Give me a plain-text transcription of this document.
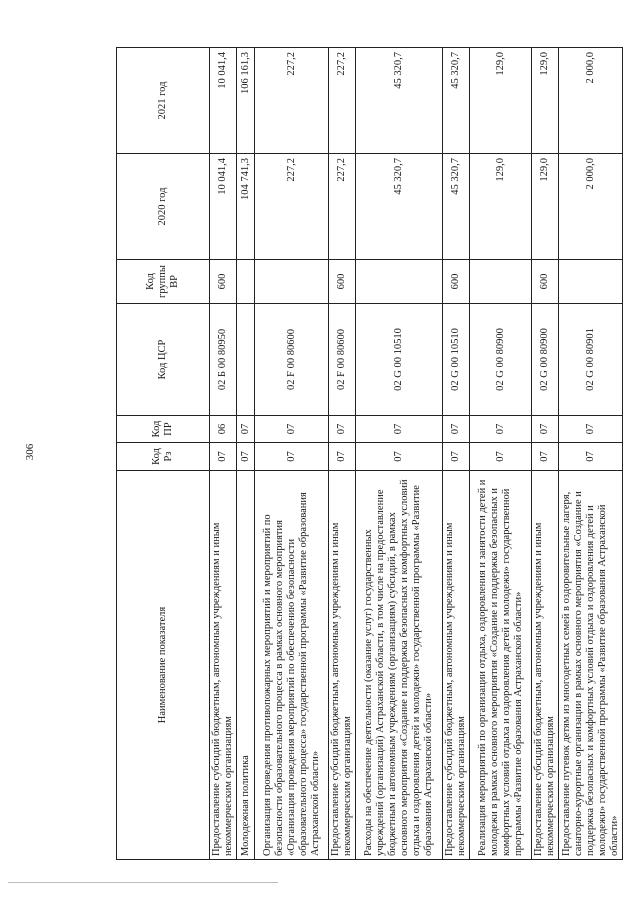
306
Наименование показателя	Код Рз	Код ПР	Код ЦСР	Код группы ВР	2020 год	2021 год
Предоставление субсидий бюджетным, автономным учреждениям и иным некоммерческим организациям	07	06	02 Б 00 80950	600	10 041,4	10 041,4
Молодежная политика	07	07			104 741,3	106 161,3
Организация проведения противопожарных мероприятий и мероприятий по безопасности образовательного процесса в рамках основного мероприятия «Организация проведения мероприятий по обеспечению безопасности образовательного процесса» государственной программы «Развитие образования Астраханской области»	07	07	02 F 00 80600		227,2	227,2
Предоставление субсидий бюджетным, автономным учреждениям и иным некоммерческим организациям	07	07	02 F 00 80600	600	227,2	227,2
Расходы на обеспечение деятельности (оказание услуг) государственных учреждений (организаций) Астраханской области, в том числе на предоставление бюджетным и автономным учреждениям (организациям) субсидий, в рамках основного мероприятия «Создание и поддержка безопасных и комфортных условий отдыха и оздоровления детей и молодежи» государственной программы «Развитие образования Астраханской области»	07	07	02 G 00 10510		45 320,7	45 320,7
Предоставление субсидий бюджетным, автономным учреждениям и иным некоммерческим организациям	07	07	02 G 00 10510	600	45 320,7	45 320,7
Реализация мероприятий по организации отдыха, оздоровления и занятости детей и молодежи в рамках основного мероприятия «Создание и поддержка безопасных и комфортных условий отдыха и оздоровления детей и молодежи» государственной программы «Развитие образования Астраханской области»	07	07	02 G 00 80900		129,0	129,0
Предоставление субсидий бюджетным, автономным учреждениям и иным некоммерческим организациям	07	07	02 G 00 80900	600	129,0	129,0
Предоставление путевок детям из многодетных семей в оздоровительные лагеря, санаторно-курортные организации в рамках основного мероприятия «Создание и поддержка безопасных и комфортных условий отдыха и оздоровления детей и молодежи» государственной программы «Развитие образования Астраханской области»	07	07	02 G 00 80901		2 000,0	2 000,0
